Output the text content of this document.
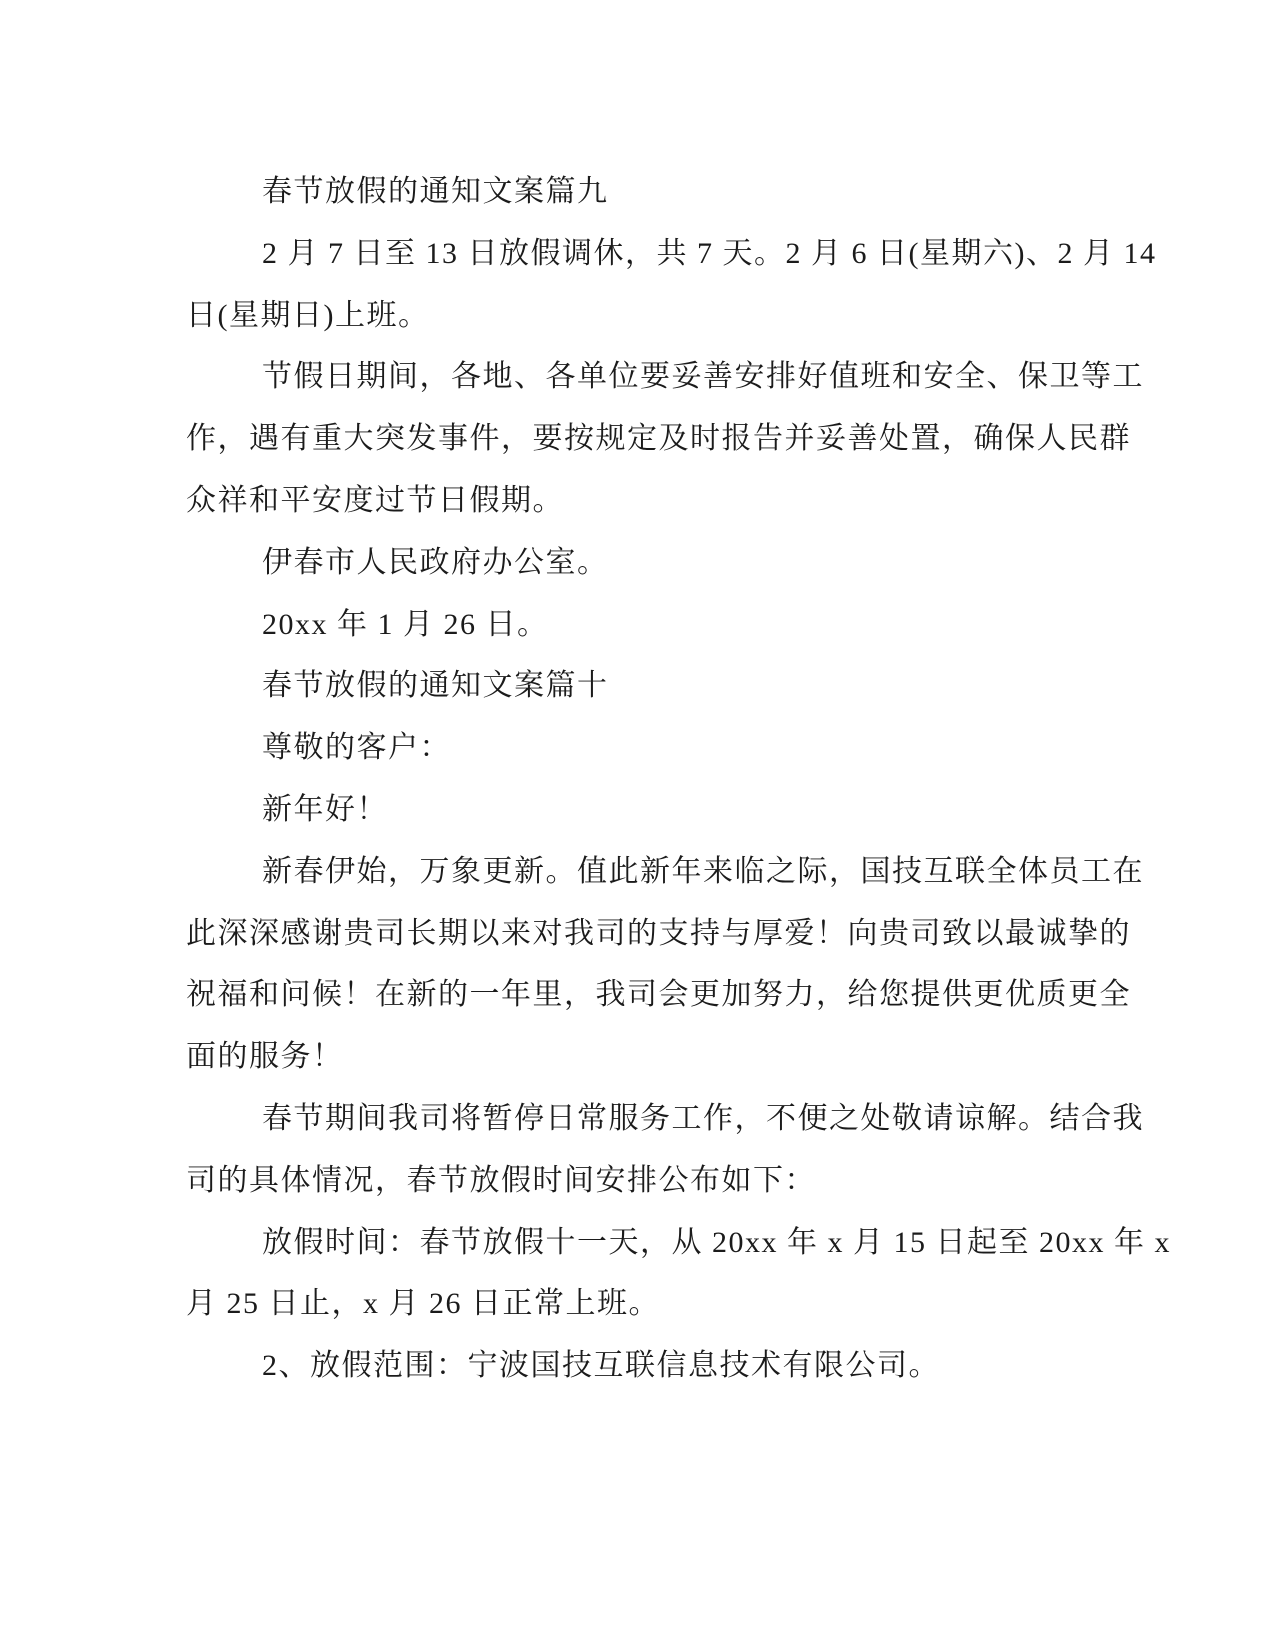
春节放假的通知文案篇九
2 月 7 日至 13 日放假调休，共 7 天。2 月 6 日(星期六)、2 月 14
日(星期日)上班。
节假日期间，各地、各单位要妥善安排好值班和安全、保卫等工
作，遇有重大突发事件，要按规定及时报告并妥善处置，确保人民群
众祥和平安度过节日假期。
伊春市人民政府办公室。
20xx 年 1 月 26 日。
春节放假的通知文案篇十
尊敬的客户：
新年好！
新春伊始，万象更新。值此新年来临之际，国技互联全体员工在
此深深感谢贵司长期以来对我司的支持与厚爱！向贵司致以最诚挚的
祝福和问候！在新的一年里，我司会更加努力，给您提供更优质更全
面的服务！
春节期间我司将暂停日常服务工作，不便之处敬请谅解。结合我
司的具体情况，春节放假时间安排公布如下：
放假时间：春节放假十一天，从 20xx 年 x 月 15 日起至 20xx 年 x
月 25 日止，x 月 26 日正常上班。
2、放假范围：宁波国技互联信息技术有限公司。
